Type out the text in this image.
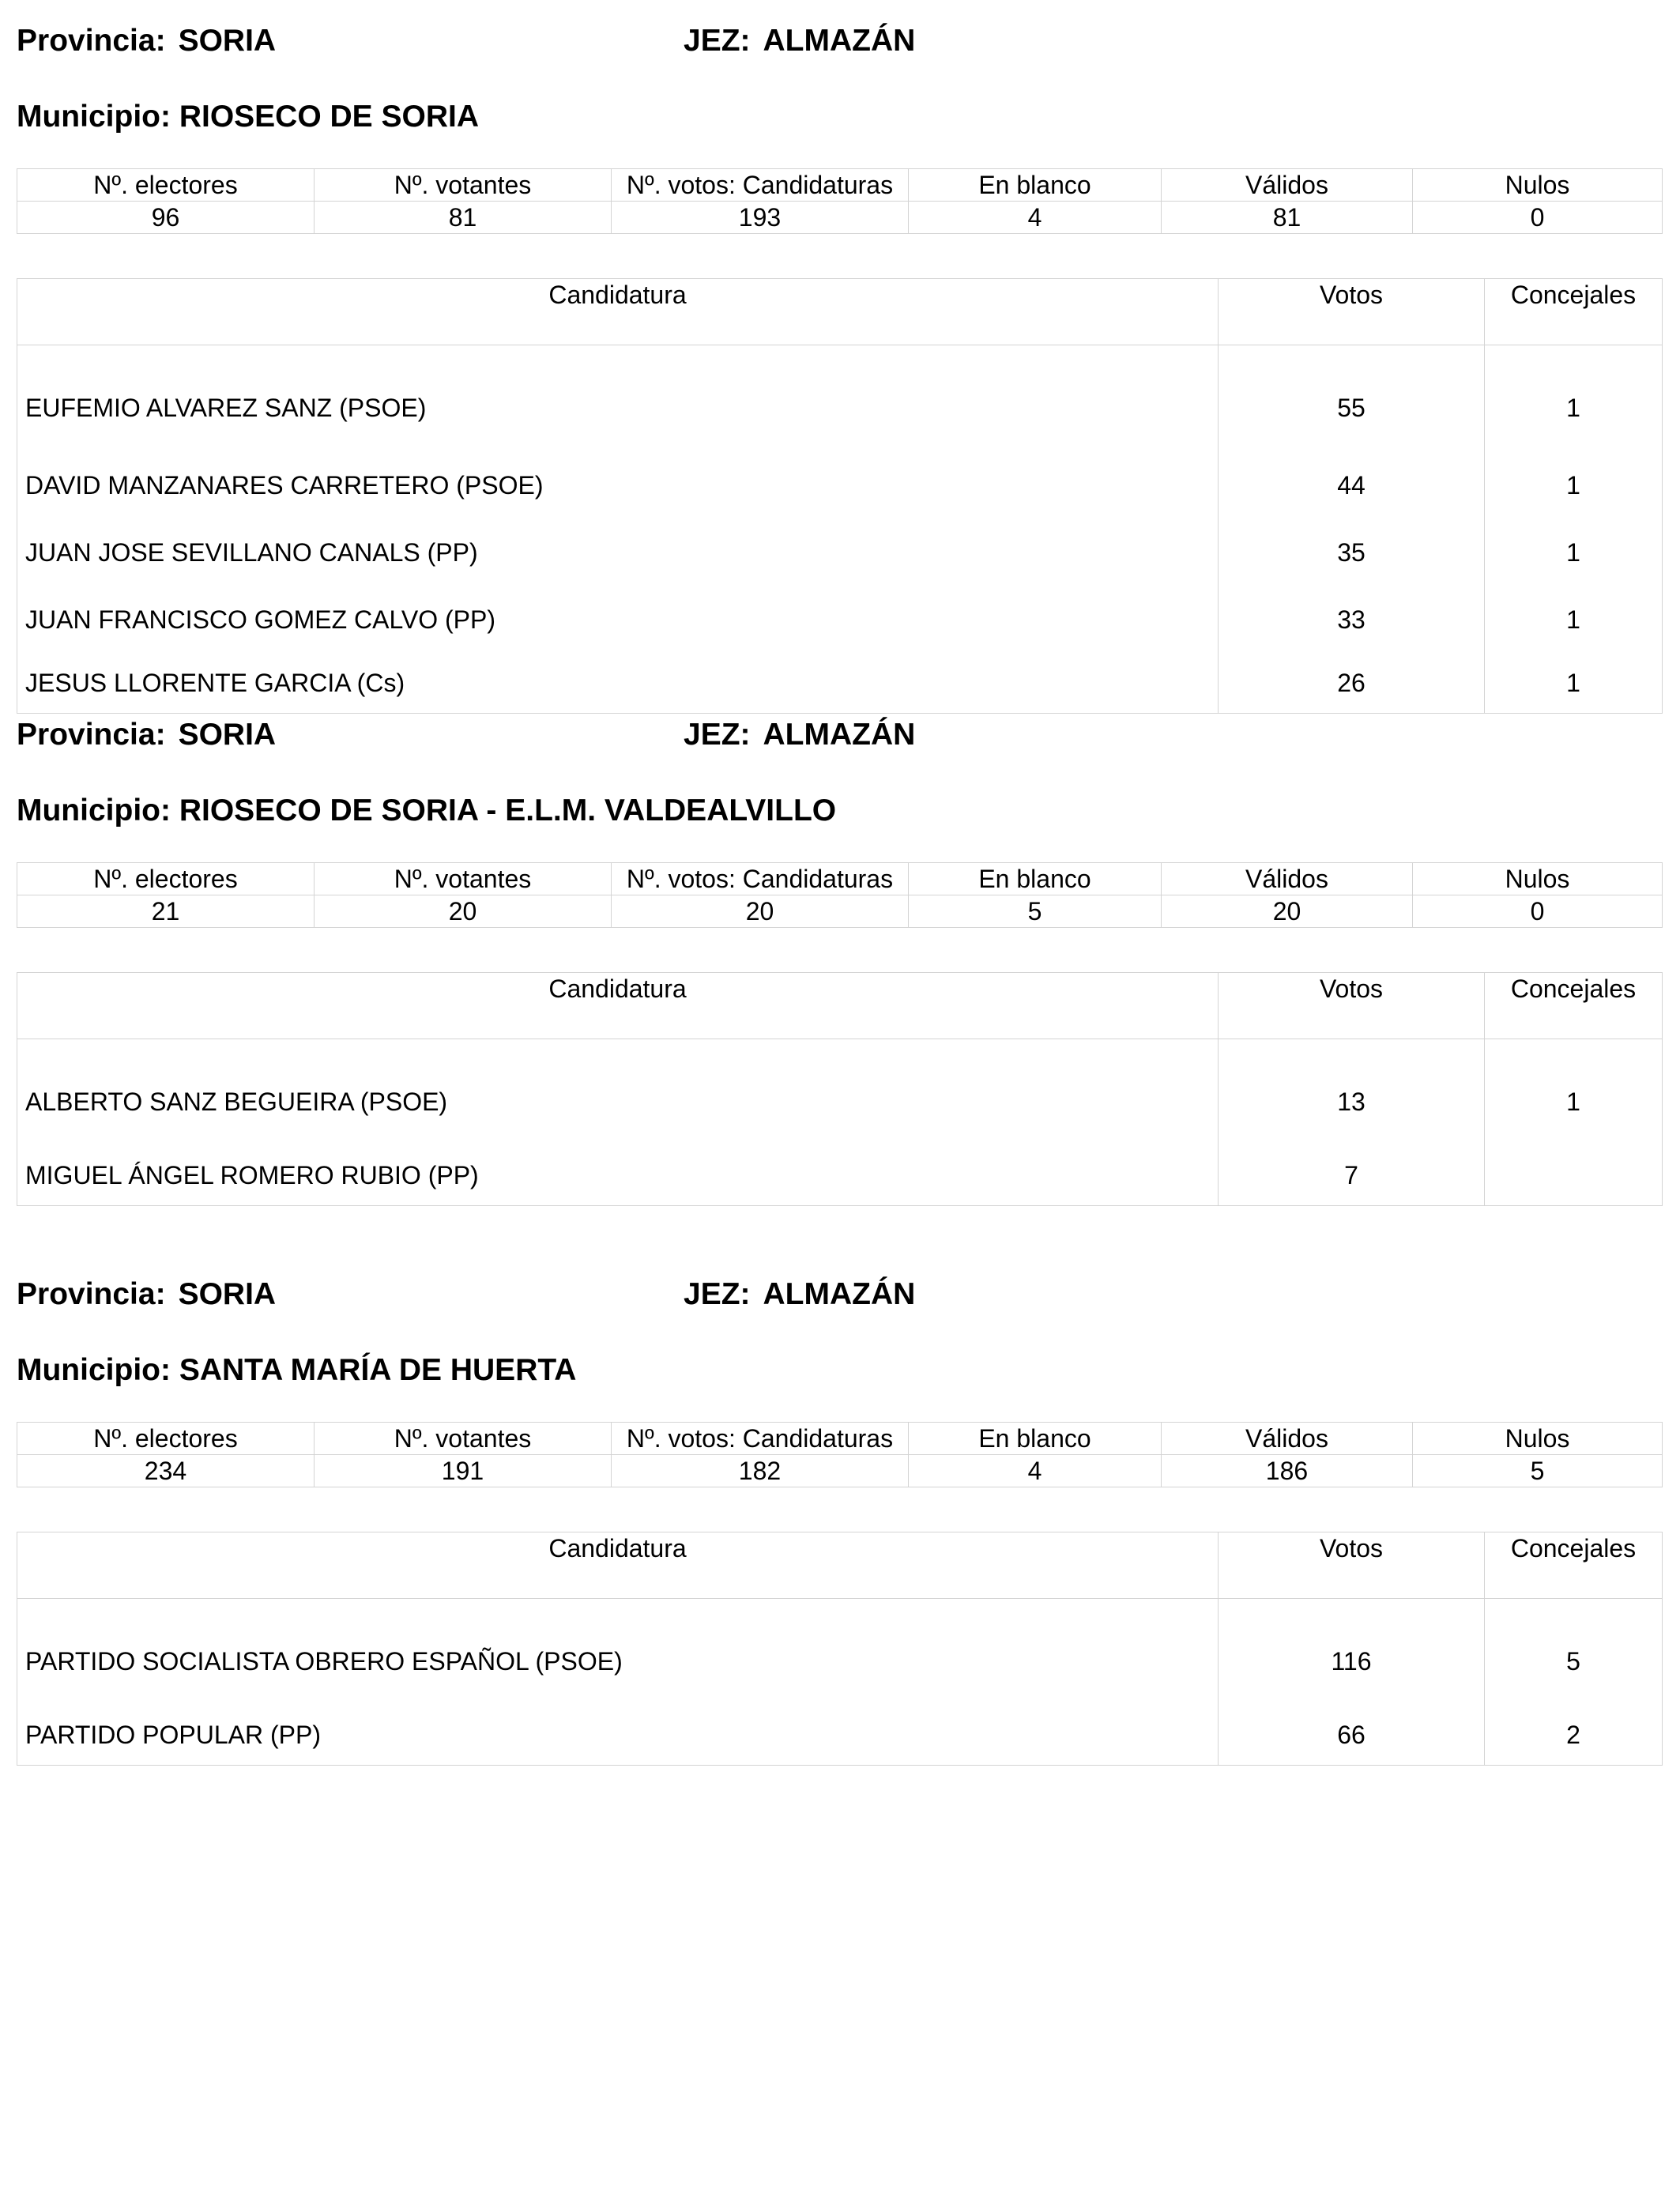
Provincia: SORIA	JEZ: ALMAZÁN
Municipio: RIOSECO DE SORIA
Nº. electores	Nº. votantes	Nº. votos: Candidaturas	En blanco	Válidos	Nulos
96	81	193	4	81	0
Candidatura	Votos	Concejales
EUFEMIO ALVAREZ SANZ (PSOE)	55	1
DAVID MANZANARES CARRETERO (PSOE)	44	1
JUAN JOSE SEVILLANO CANALS (PP)	35	1
JUAN FRANCISCO GOMEZ CALVO (PP)	33	1
JESUS LLORENTE GARCIA (Cs)	26	1
Provincia: SORIA	JEZ: ALMAZÁN
Municipio: RIOSECO DE SORIA - E.L.M. VALDEALVILLO
Nº. electores	Nº. votantes	Nº. votos: Candidaturas	En blanco	Válidos	Nulos
21	20	20	5	20	0
Candidatura	Votos	Concejales
ALBERTO SANZ BEGUEIRA (PSOE)	13	1
MIGUEL ÁNGEL ROMERO RUBIO (PP)	7	
Provincia: SORIA	JEZ: ALMAZÁN
Municipio: SANTA MARÍA DE HUERTA
Nº. electores	Nº. votantes	Nº. votos: Candidaturas	En blanco	Válidos	Nulos
234	191	182	4	186	5
Candidatura	Votos	Concejales
PARTIDO SOCIALISTA OBRERO ESPAÑOL (PSOE)	116	5
PARTIDO POPULAR (PP)	66	2
